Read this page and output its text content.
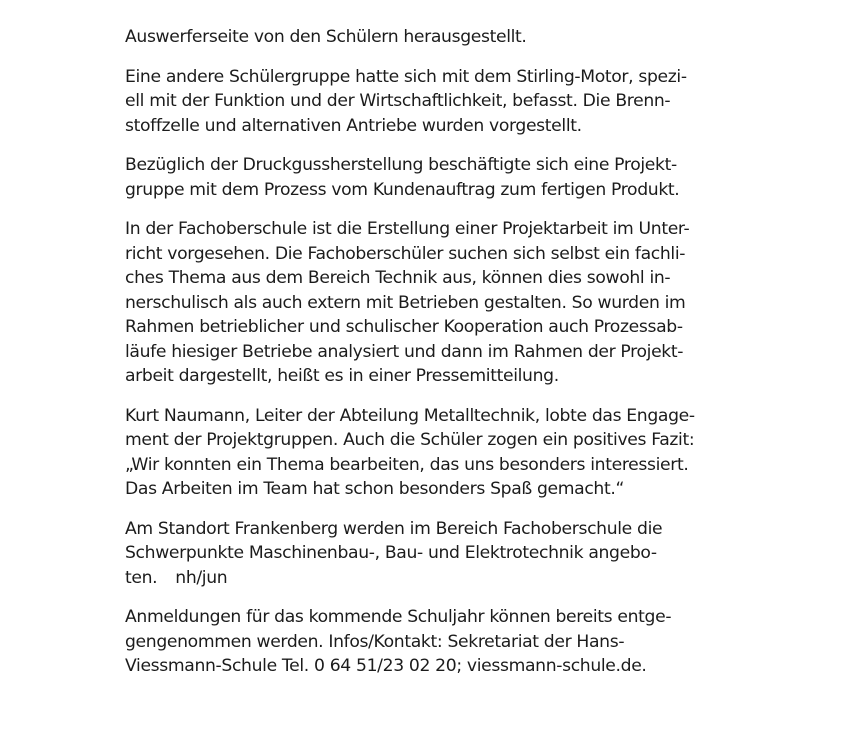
Auswerferseite von den Schülern herausgestellt.

Eine andere Schülergruppe hatte sich mit dem Stirling-Motor, spezi-
ell mit der Funktion und der Wirtschaftlichkeit, befasst. Die Brenn-
stoffzelle und alternativen Antriebe wurden vorgestellt.

Bezüglich der Druckgussherstellung beschäftigte sich eine Projekt-
gruppe mit dem Prozess vom Kundenauftrag zum fertigen Produkt.

In der Fachoberschule ist die Erstellung einer Projektarbeit im Unter-
richt vorgesehen. Die Fachoberschüler suchen sich selbst ein fachli-
ches Thema aus dem Bereich Technik aus, können dies sowohl in-
nerschulisch als auch extern mit Betrieben gestalten. So wurden im
Rahmen betrieblicher und schulischer Kooperation auch Prozessab-
läufe hiesiger Betriebe analysiert und dann im Rahmen der Projekt-
arbeit dargestellt, heißt es in einer Pressemitteilung.

Kurt Naumann, Leiter der Abteilung Metalltechnik, lobte das Engage-
ment der Projektgruppen. Auch die Schüler zogen ein positives Fazit:
„Wir konnten ein Thema bearbeiten, das uns besonders interessiert.
Das Arbeiten im Team hat schon besonders Spaß gemacht.“

Am Standort Frankenberg werden im Bereich Fachoberschule die
Schwerpunkte Maschinenbau-, Bau- und Elektrotechnik angebo-
ten. nh/jun

Anmeldungen für das kommende Schuljahr können bereits entge-
gengenommen werden. Infos/Kontakt: Sekretariat der Hans-
Viessmann-Schule Tel. 0 64 51/23 02 20; viessmann-schule.de.
